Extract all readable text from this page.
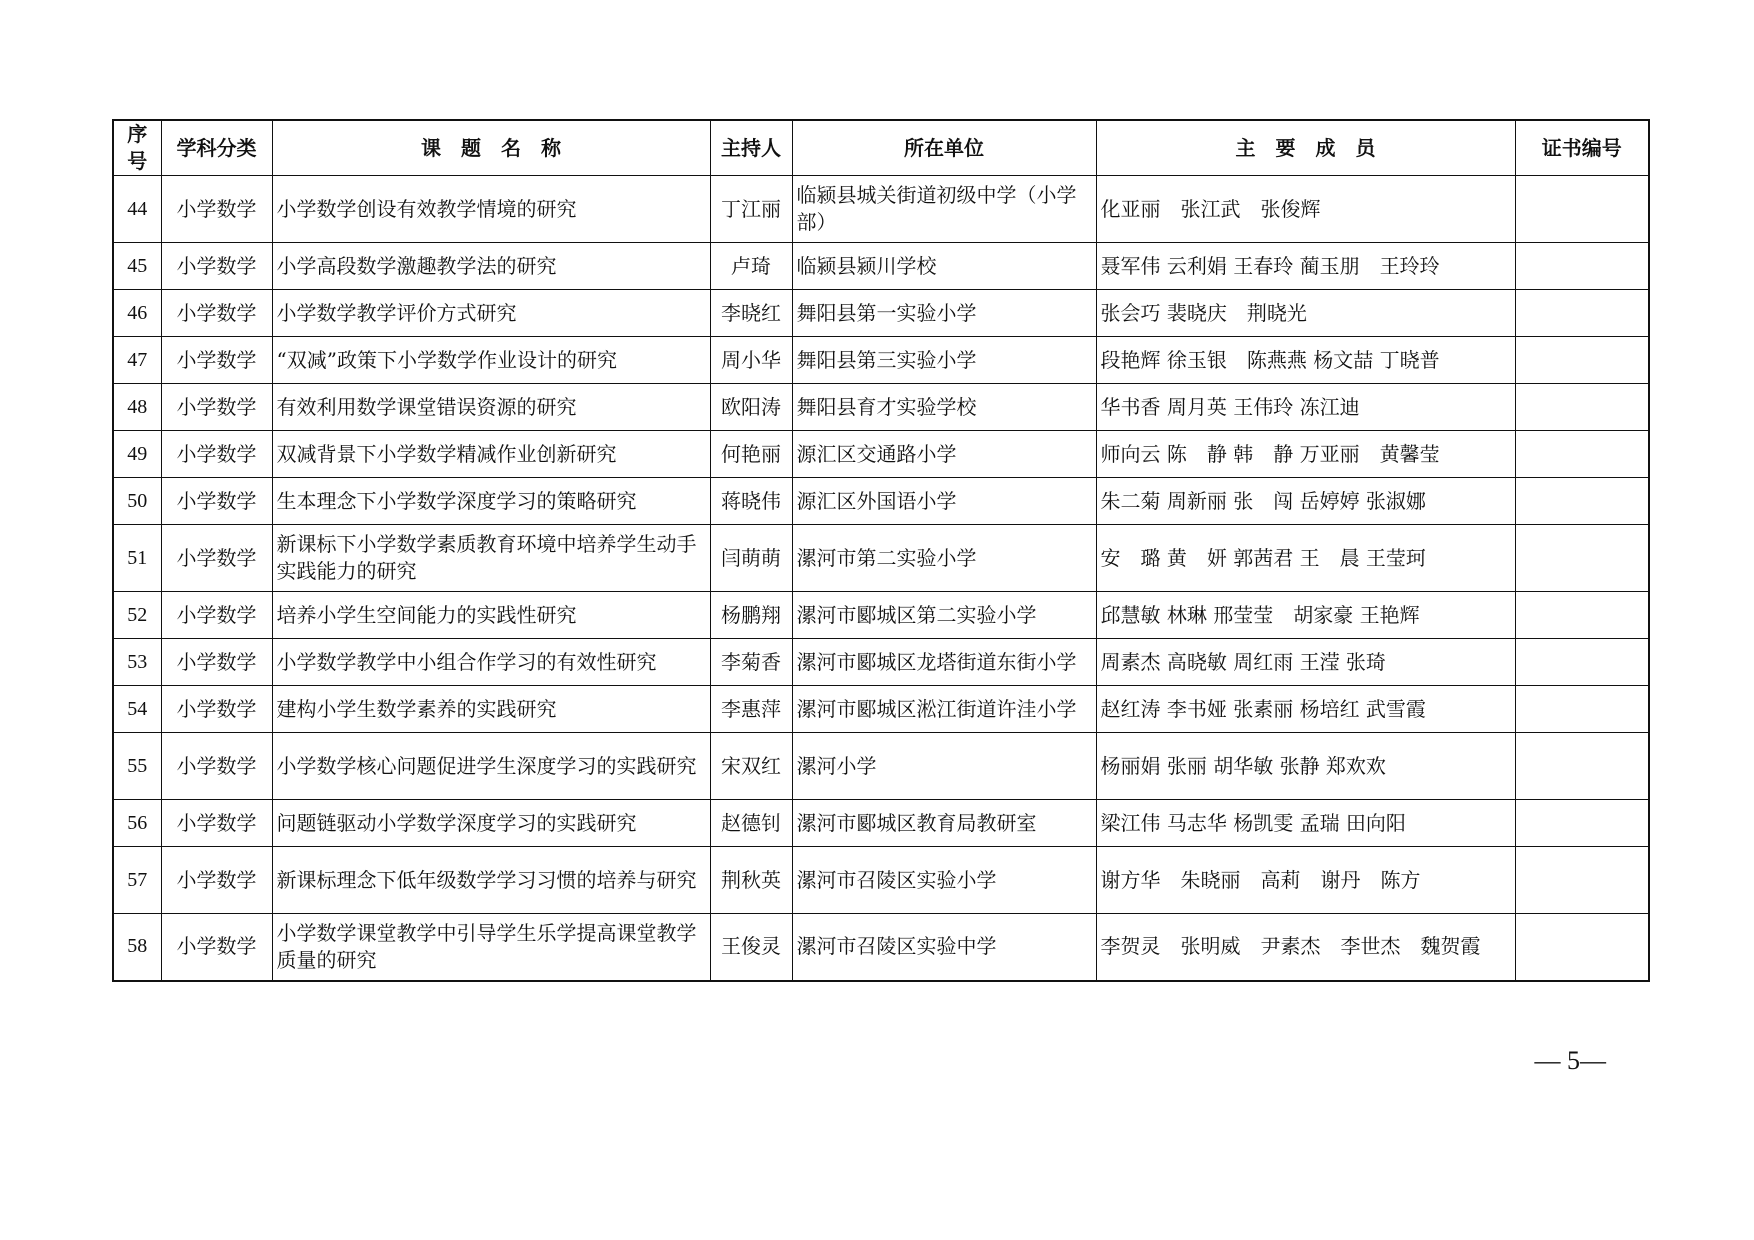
序号	学科分类	课　题　名　称	主持人	所在单位	主　要　成　员	证书编号
44	小学数学	小学数学创设有效教学情境的研究	丁江丽	临颍县城关街道初级中学（小学部）	化亚丽　张江武　张俊辉	
45	小学数学	小学高段数学激趣教学法的研究	卢琦	临颍县颍川学校	聂军伟 云利娟 王春玲 蔺玉朋　王玲玲	
46	小学数学	小学数学教学评价方式研究	李晓红	舞阳县第一实验小学	张会巧 裴晓庆　荆晓光	
47	小学数学	“双减”政策下小学数学作业设计的研究	周小华	舞阳县第三实验小学	段艳辉 徐玉银　陈燕燕 杨文喆 丁晓普	
48	小学数学	有效利用数学课堂错误资源的研究	欧阳涛	舞阳县育才实验学校	华书香 周月英 王伟玲 冻江迪	
49	小学数学	双减背景下小学数学精减作业创新研究	何艳丽	源汇区交通路小学	师向云 陈　静 韩　静 万亚丽　黄馨莹	
50	小学数学	生本理念下小学数学深度学习的策略研究	蒋晓伟	源汇区外国语小学	朱二菊 周新丽 张　闯 岳婷婷 张淑娜	
51	小学数学	新课标下小学数学素质教育环境中培养学生动手实践能力的研究	闫萌萌	漯河市第二实验小学	安　璐 黄　妍 郭茜君 王　晨 王莹珂	
52	小学数学	培养小学生空间能力的实践性研究	杨鹏翔	漯河市郾城区第二实验小学	邱慧敏 林琳 邢莹莹　胡家豪 王艳辉	
53	小学数学	小学数学教学中小组合作学习的有效性研究	李菊香	漯河市郾城区龙塔街道东街小学	周素杰 高晓敏 周红雨 王滢 张琦	
54	小学数学	建构小学生数学素养的实践研究	李惠萍	漯河市郾城区淞江街道许洼小学	赵红涛 李书娅 张素丽 杨培红 武雪霞	
55	小学数学	小学数学核心问题促进学生深度学习的实践研究	宋双红	漯河小学	杨丽娟 张丽 胡华敏 张静 郑欢欢	
56	小学数学	问题链驱动小学数学深度学习的实践研究	赵德钊	漯河市郾城区教育局教研室	梁江伟 马志华 杨凯雯 孟瑞 田向阳	
57	小学数学	新课标理念下低年级数学学习习惯的培养与研究	荆秋英	漯河市召陵区实验小学	谢方华　朱晓丽　高莉　谢丹　陈方	
58	小学数学	小学数学课堂教学中引导学生乐学提高课堂教学质量的研究	王俊灵	漯河市召陵区实验中学	李贺灵　张明威　尹素杰　李世杰　魏贺霞	
— 5—
